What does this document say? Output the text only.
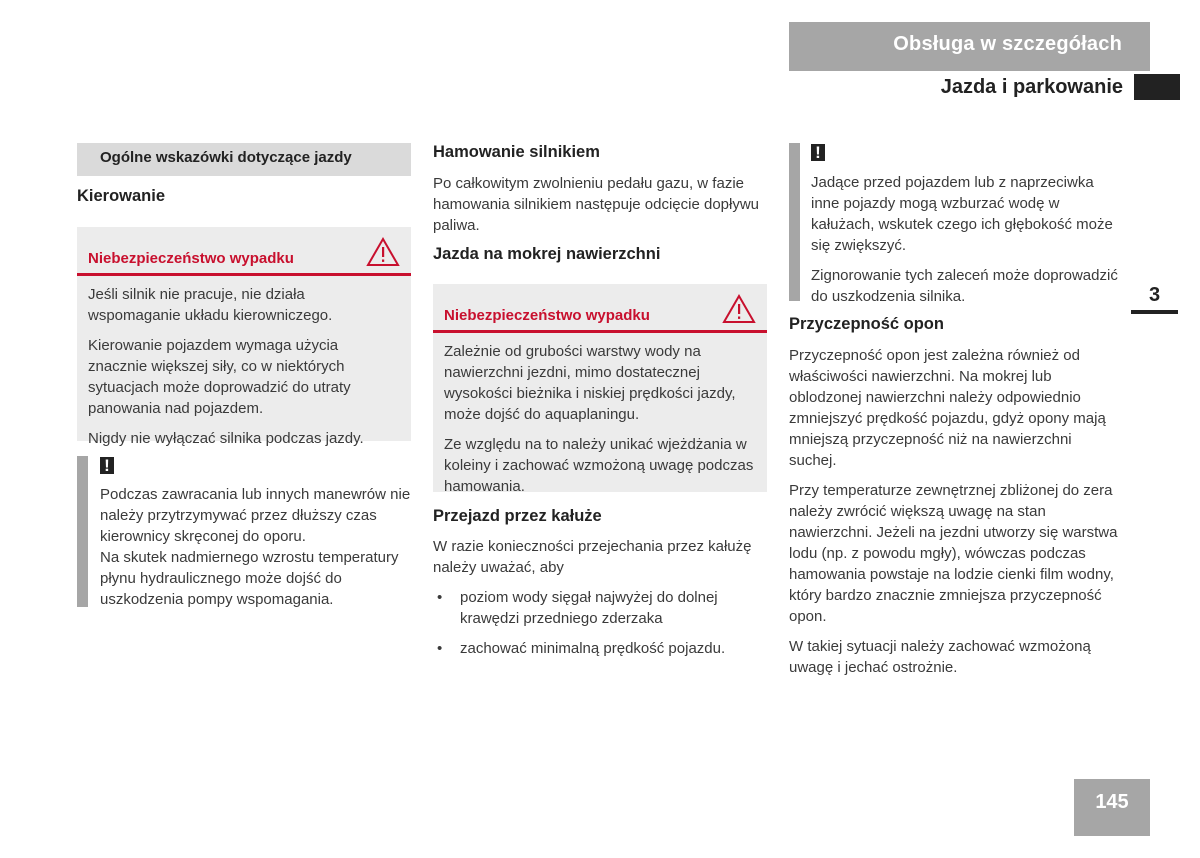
Obsługa w szczegółach
Jazda i parkowanie
3
145
Ogólne wskazówki dotyczące jazdy
Kierowanie
Niebezpieczeństwo wypadku

Jeśli silnik nie pracuje, nie działa wspomaganie układu kierowniczego.

Kierowanie pojazdem wymaga użycia znacznie większej siły, co w niektórych sytuacjach może doprowadzić do utraty panowania nad pojazdem.

Nigdy nie wyłączać silnika podczas jazdy.

!

Podczas zawracania lub innych manewrów nie należy przytrzymywać przez dłuższy czas kierownicy skręconej do oporu.

Na skutek nadmiernego wzrostu temperatury płynu hydraulicznego może dojść do uszkodzenia pompy wspomagania.

Hamowanie silnikiem

Po całkowitym zwolnieniu pedału gazu, w fazie hamowania silnikiem następuje odcięcie dopływu paliwa.

Jazda na mokrej nawierzchni
Niebezpieczeństwo wypadku

Zależnie od grubości warstwy wody na nawierzchni jezdni, mimo dostatecznej wysokości bieżnika i niskiej prędkości jazdy, może dojść do aquaplaningu.

Ze względu na to należy unikać wjeżdżania w koleiny i zachować wzmożoną uwagę podczas hamowania.

Przejazd przez kałuże

W razie konieczności przejechania przez kałużę należy uważać, aby

• poziom wody sięgał najwyżej do dolnej krawędzi przedniego zderzaka
• zachować minimalną prędkość pojazdu.
!

Jadące przed pojazdem lub z naprzeciwka inne pojazdy mogą wzburzać wodę w kałużach, wskutek czego ich głębokość może się zwiększyć.

Zignorowanie tych zaleceń może doprowadzić do uszkodzenia silnika.

Przyczepność opon

Przyczepność opon jest zależna również od właściwości nawierzchni. Na mokrej lub oblodzonej nawierzchni należy odpowiednio zmniejszyć prędkość pojazdu, gdyż opony mają mniejszą przyczepność niż na nawierzchni suchej.

Przy temperaturze zewnętrznej zbliżonej do zera należy zwrócić większą uwagę na stan nawierzchni. Jeżeli na jezdni utworzy się warstwa lodu (np. z powodu mgły), wówczas podczas hamowania powstaje na lodzie cienki film wodny, który bardzo znacznie zmniejsza przyczepność opon.

W takiej sytuacji należy zachować wzmożoną uwagę i jechać ostrożnie.
